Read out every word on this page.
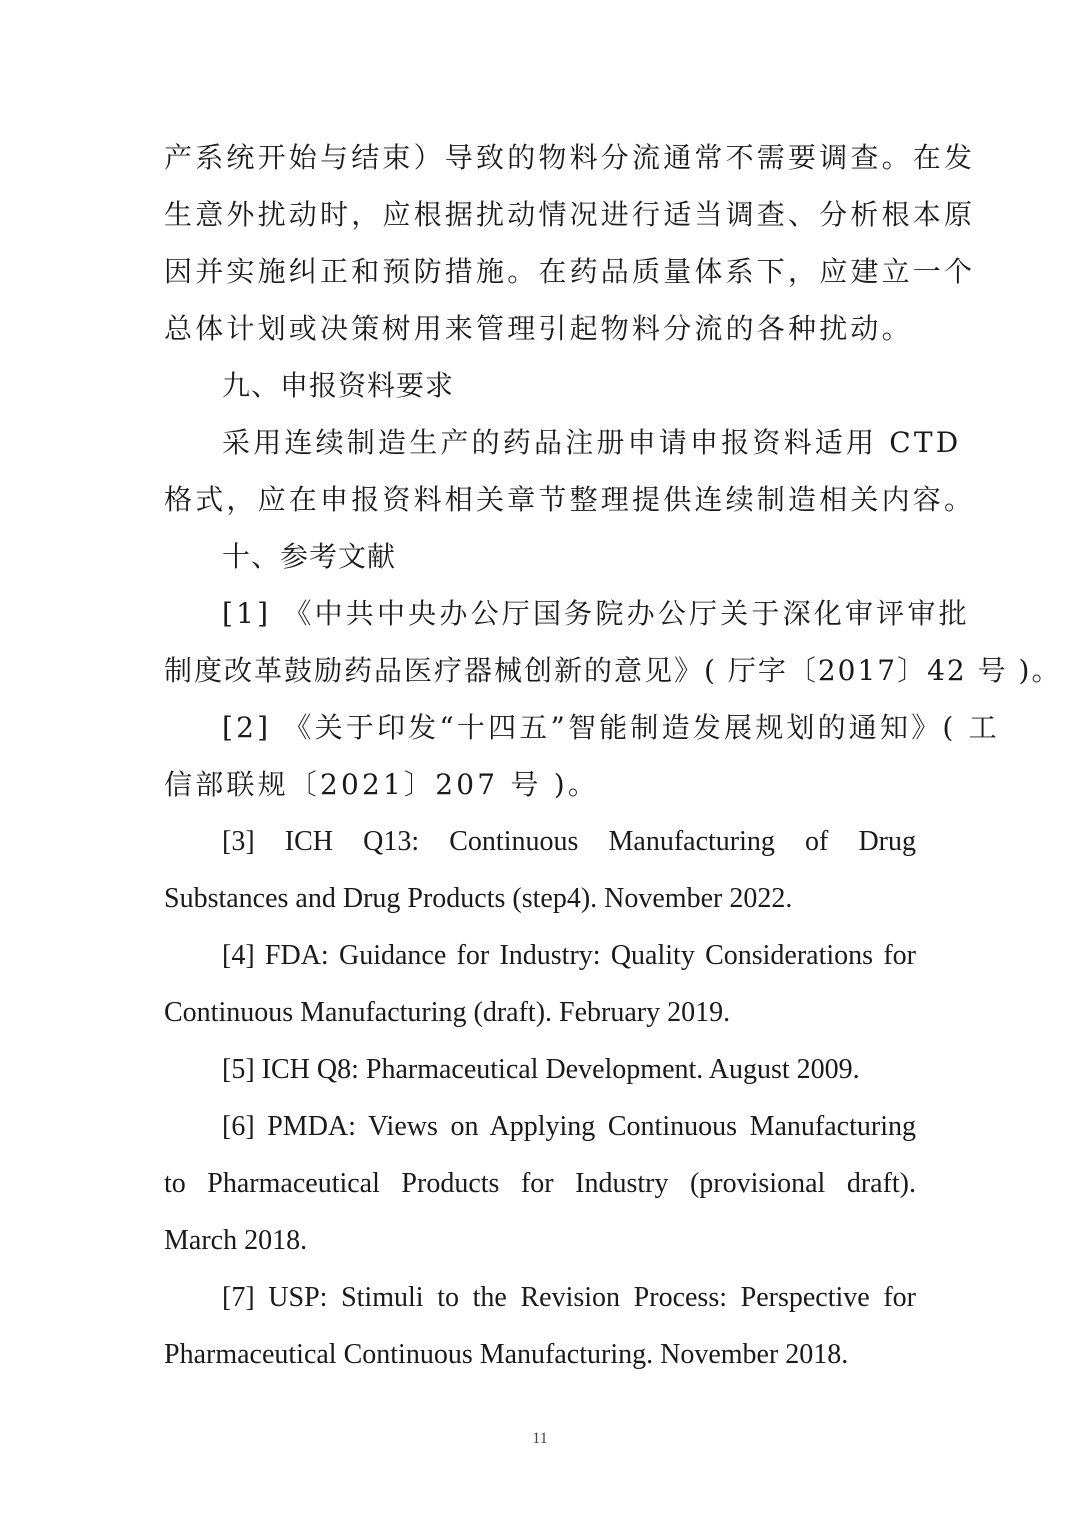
产系统开始与结束）导致的物料分流通常不需要调查。在发
生意外扰动时，应根据扰动情况进行适当调查、分析根本原
因并实施纠正和预防措施。在药品质量体系下，应建立一个
总体计划或决策树用来管理引起物料分流的各种扰动。
九、申报资料要求
采用连续制造生产的药品注册申请申报资料适用 CTD
格式，应在申报资料相关章节整理提供连续制造相关内容。
十、参考文献
[1] 《中共中央办公厅国务院办公厅关于深化审评审批
制度改革鼓励药品医疗器械创新的意见》( 厅字〔2017〕42 号 )。
[2] 《关于印发“十四五”智能制造发展规划的通知》( 工
信部联规〔2021〕207 号 )。
[3] ICH Q13: Continuous Manufacturing of Drug
Substances and Drug Products (step4). November 2022.
[4] FDA: Guidance for Industry: Quality Considerations for
Continuous Manufacturing (draft). February 2019.
[5] ICH Q8: Pharmaceutical Development. August 2009.
[6] PMDA: Views on Applying Continuous Manufacturing
to Pharmaceutical Products for Industry (provisional draft).
March 2018.
[7] USP: Stimuli to the Revision Process: Perspective for
Pharmaceutical Continuous Manufacturing. November 2018.
11
